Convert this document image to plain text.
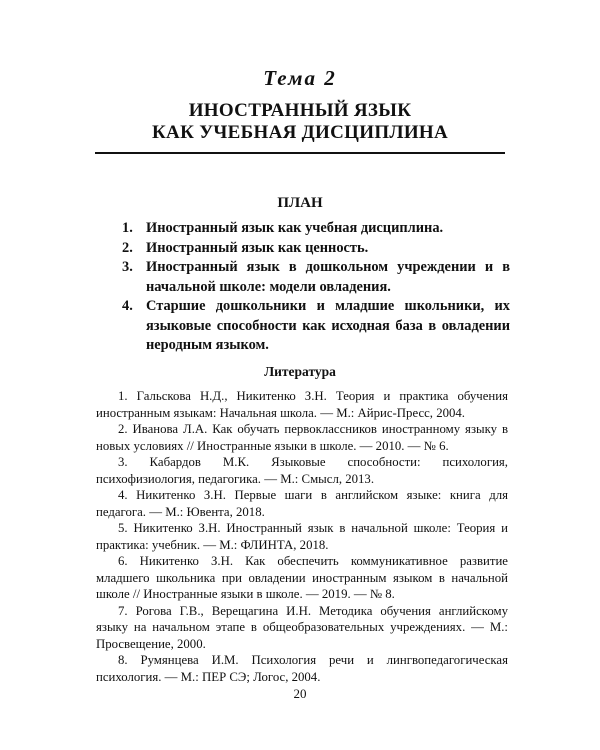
Тема 2
ИНОСТРАННЫЙ ЯЗЫК
КАК УЧЕБНАЯ ДИСЦИПЛИНА
ПЛАН
1. Иностранный язык как учебная дисциплина.
2. Иностранный язык как ценность.
3. Иностранный язык в дошкольном учреждении и в начальной школе: модели овладения.
4. Старшие дошкольники и младшие школьники, их языковые способности как исходная база в овладении неродным языком.
Литература
1. Гальскова Н.Д., Никитенко З.Н. Теория и практика обучения иностранным языкам: Начальная школа. — М.: Айрис-Пресс, 2004.
2. Иванова Л.А. Как обучать первоклассников иностранному языку в новых условиях // Иностранные языки в школе. — 2010. — № 6.
3. Кабардов М.К. Языковые способности: психология, психофизиология, педагогика. — М.: Смысл, 2013.
4. Никитенко З.Н. Первые шаги в английском языке: книга для педагога. — М.: Ювента, 2018.
5. Никитенко З.Н. Иностранный язык в начальной школе: Теория и практика: учебник. — М.: ФЛИНТА, 2018.
6. Никитенко З.Н. Как обеспечить коммуникативное развитие младшего школьника при овладении иностранным языком в начальной школе // Иностранные языки в школе. — 2019. — № 8.
7. Рогова Г.В., Верещагина И.Н. Методика обучения английскому языку на начальном этапе в общеобразовательных учреждениях. — М.: Просвещение, 2000.
8. Румянцева И.М. Психология речи и лингвопедагогическая психология. — М.: ПЕР СЭ; Логос, 2004.
20
